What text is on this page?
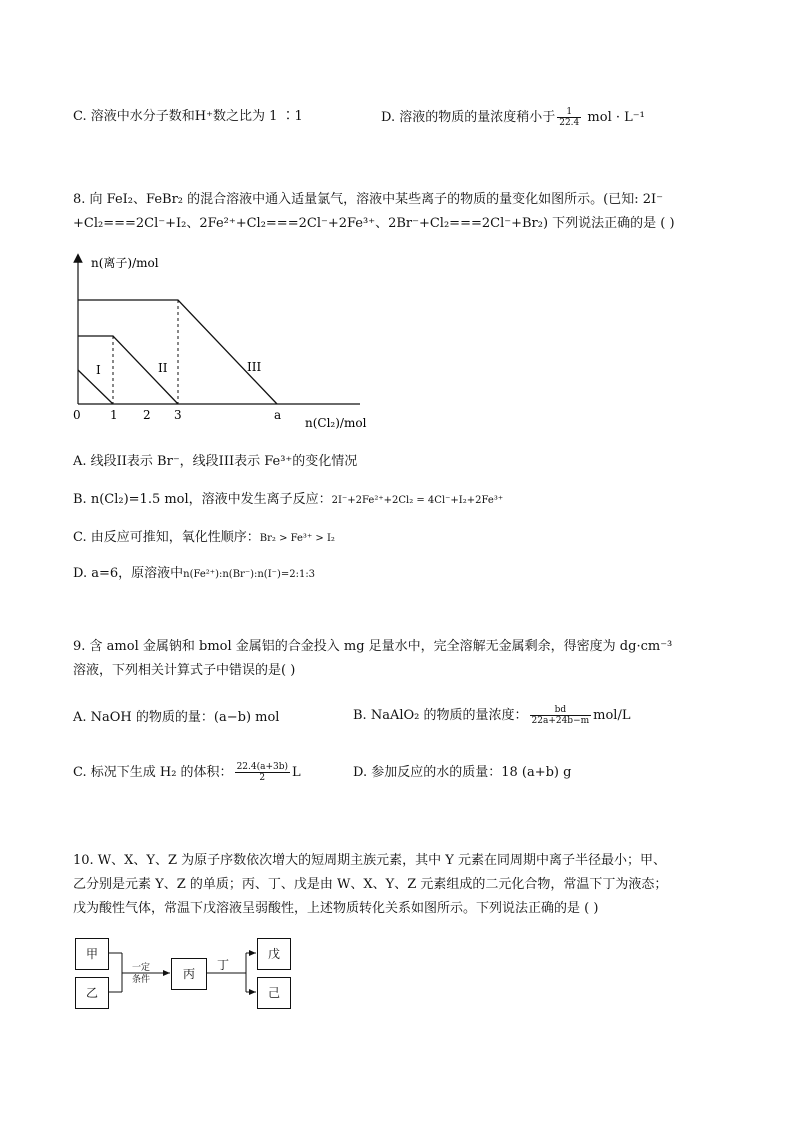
C. 溶液中水分子数和H⁺数之比为 1 ∶1	D. 溶液的物质的量浓度稍小于 $\frac{1}{22.4}$ mol · L⁻¹
8. 向 FeI₂、FeBr₂ 的混合溶液中通入适量氯气，溶液中某些离子的物质的量变化如图所示。(已知: 2I⁻
+Cl₂===2Cl⁻+I₂、2Fe²⁺+Cl₂===2Cl⁻+2Fe³⁺、2Br⁻+Cl₂===2Cl⁻+Br₂) 下列说法正确的是 ( )
n(离子)/mol
n(Cl₂)/mol
0 1 2 3	a
I	II	III
A. 线段II表示 Br⁻，线段III表示 Fe³⁺的变化情况
B. n(Cl₂)=1.5 mol，溶液中发生离子反应：2I⁻+2Fe²⁺+2Cl₂ = 4Cl⁻+I₂+2Fe³⁺
C. 由反应可推知，氧化性顺序：Br₂ > Fe³⁺ > I₂
D. a=6，原溶液中n(Fe²⁺):n(Br⁻):n(I⁻)=2:1:3
9. 含 amol 金属钠和 bmol 金属铝的合金投入 mg 足量水中，完全溶解无金属剩余，得密度为 dg·cm⁻³
溶液，下列相关计算式子中错误的是( )
A. NaOH 的物质的量：(a−b) mol	B. NaAlO₂ 的物质的量浓度： $\frac{bd}{22a+24b-m} mol/L$
C. 标况下生成 H₂ 的体积： $\frac{22.4(a+3b)}{2}$ L	D. 参加反应的水的质量：18 (a+b) g
10. W、X、Y、Z 为原子序数依次增大的短周期主族元素，其中 Y 元素在同周期中离子半径最小；甲、
乙分别是元素 Y、Z 的单质；丙、丁、戊是由 W、X、Y、Z 元素组成的二元化合物，常温下丁为液态；
戊为酸性气体，常温下戊溶液呈弱酸性，上述物质转化关系如图所示。下列说法正确的是 ( )
甲
乙
丙
戊
己
一定
条件
丁
